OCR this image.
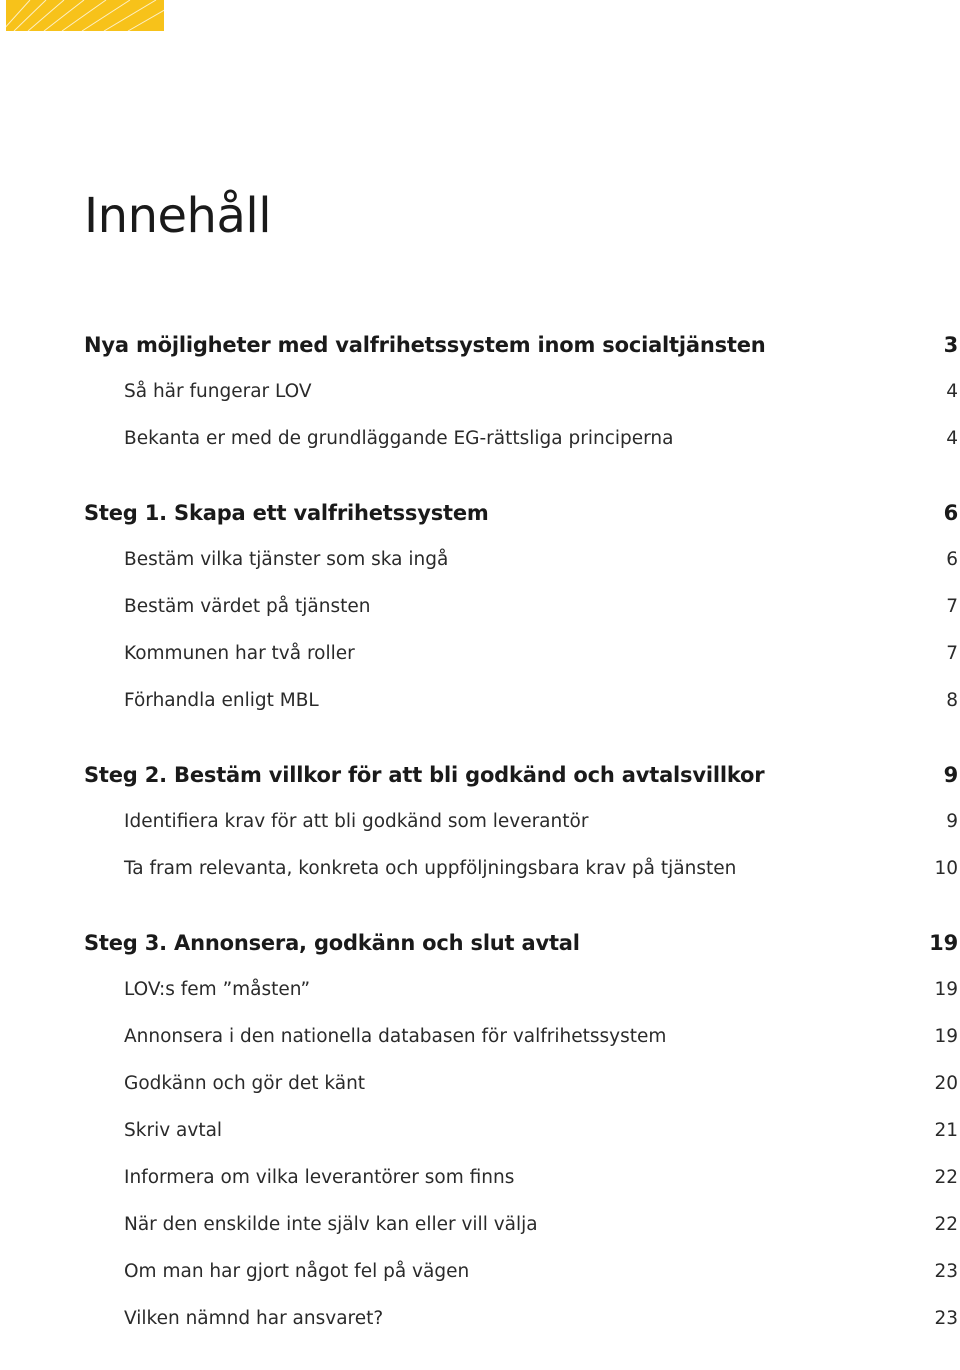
Innehåll
Nya möjligheter med valfrihetssystem inom socialtjänsten	3
Så här fungerar LOV	4
Bekanta er med de grundläggande EG-rättsliga principerna	4
Steg 1. Skapa ett valfrihetssystem	6
Bestäm vilka tjänster som ska ingå	6
Bestäm värdet på tjänsten	7
Kommunen har två roller	7
Förhandla enligt MBL	8
Steg 2. Bestäm villkor för att bli godkänd och avtalsvillkor	9
Identifiera krav för att bli godkänd som leverantör	9
Ta fram relevanta, konkreta och uppföljningsbara krav på tjänsten	10
Steg 3. Annonsera, godkänn och slut avtal	19
LOV:s fem ”måsten”	19
Annonsera i den nationella databasen för valfrihetssystem	19
Godkänn och gör det känt	20
Skriv avtal	21
Informera om vilka leverantörer som finns	22
När den enskilde inte själv kan eller vill välja	22
Om man har gjort något fel på vägen	23
Vilken nämnd har ansvaret?	23
